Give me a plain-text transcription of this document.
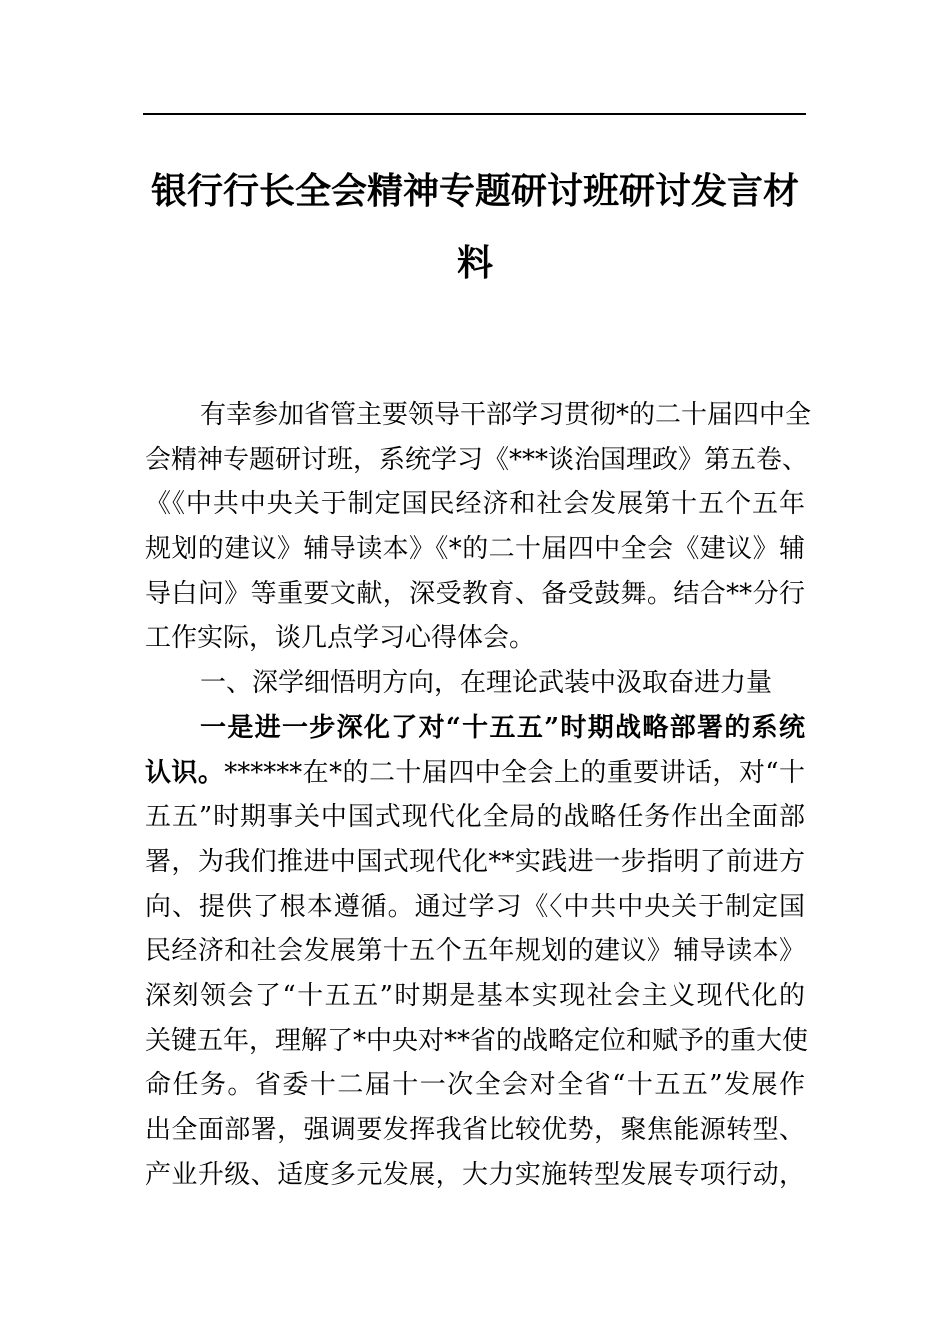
银行行长全会精神专题研讨班研讨发言材
料
有幸参加省管主要领导干部学习贯彻*的二十届四中全
会精神专题研讨班，系统学习《***谈治国理政》第五卷、
《《中共中央关于制定国民经济和社会发展第十五个五年
规划的建议》辅导读本》《*的二十届四中全会《建议》辅
导白问》等重要文献，深受教育、备受鼓舞。结合**分行
工作实际，谈几点学习心得体会。
一、深学细悟明方向，在理论武装中汲取奋进力量
一是进一步深化了对“十五五”时期战略部署的系统
认识。******在*的二十届四中全会上的重要讲话，对“十
五五”时期事关中国式现代化全局的战略任务作出全面部
署，为我们推进中国式现代化**实践进一步指明了前进方
向、提供了根本遵循。通过学习《〈中共中央关于制定国
民经济和社会发展第十五个五年规划的建议》辅导读本》
深刻领会了“十五五”时期是基本实现社会主义现代化的
关键五年，理解了*中央对**省的战略定位和赋予的重大使
命任务。省委十二届十一次全会对全省“十五五”发展作
出全面部署，强调要发挥我省比较优势，聚焦能源转型、
产业升级、适度多元发展，大力实施转型发展专项行动，
